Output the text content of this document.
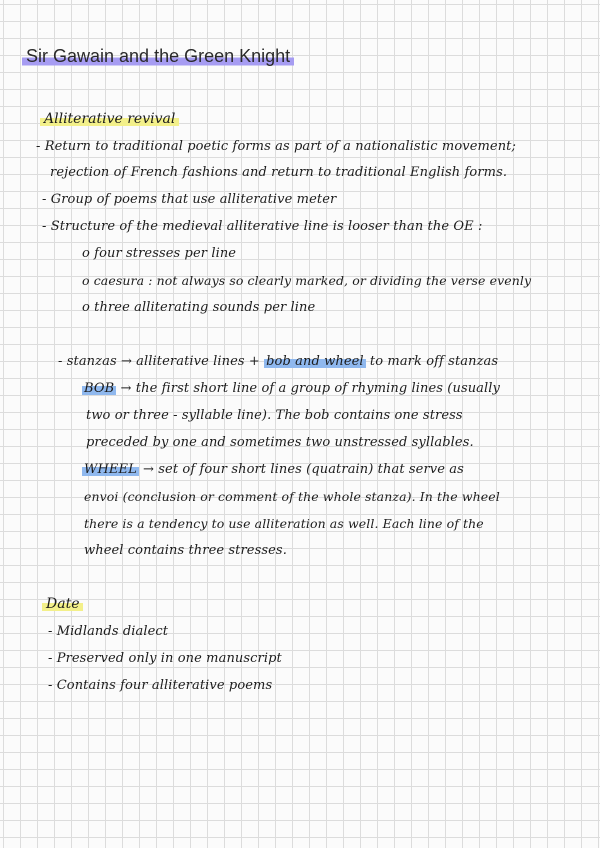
Sir Gawain and the Green Knight
Alliterative revival
- Return to traditional poetic forms as part of a nationalistic movement;
rejection of French fashions and return to traditional English forms.
- Group of poems that use alliterative meter
- Structure of the medieval alliterative line is looser than the OE :
o four stresses per line
o caesura : not always so clearly marked, or dividing the verse evenly
o three alliterating sounds per line
- stanzas → alliterative lines + bob and wheel to mark off stanzas
BOB → the first short line of a group of rhyming lines (usually
two or three - syllable line). The bob contains one stress
preceded by one and sometimes two unstressed syllables.
WHEEL → set of four short lines (quatrain) that serve as
envoi (conclusion or comment of the whole stanza). In the wheel
there is a tendency to use alliteration as well. Each line of the
wheel contains three stresses.
Date
- Midlands dialect
- Preserved only in one manuscript
- Contains four alliterative poems
